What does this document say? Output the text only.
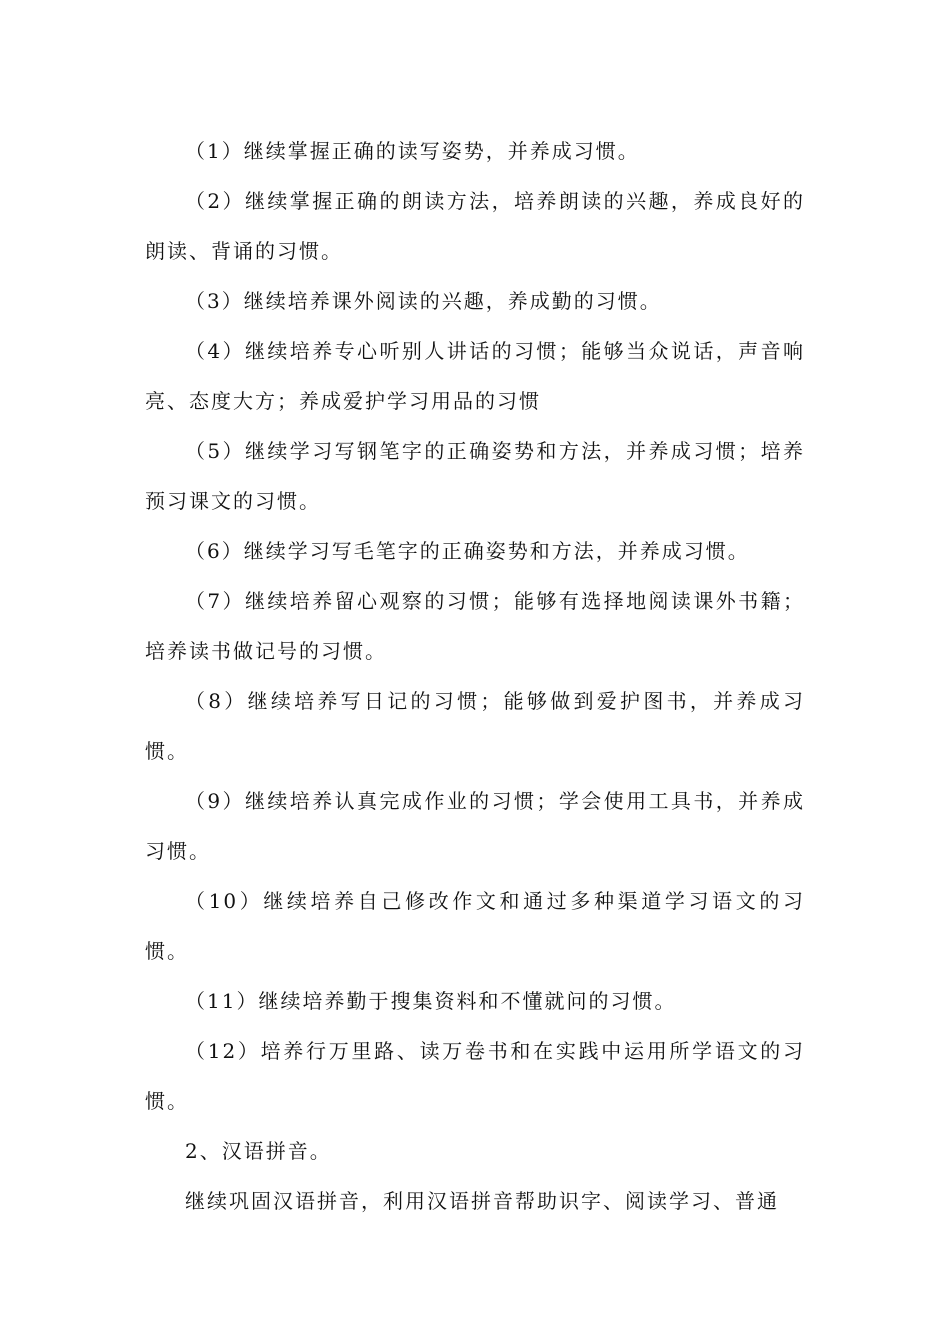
（1）继续掌握正确的读写姿势，并养成习惯。

（2）继续掌握正确的朗读方法，培养朗读的兴趣，养成良好的朗读、背诵的习惯。

（3）继续培养课外阅读的兴趣，养成勤的习惯。

（4）继续培养专心听别人讲话的习惯；能够当众说话，声音响亮、态度大方；养成爱护学习用品的习惯

（5）继续学习写钢笔字的正确姿势和方法，并养成习惯；培养预习课文的习惯。

（6）继续学习写毛笔字的正确姿势和方法，并养成习惯。

（7）继续培养留心观察的习惯；能够有选择地阅读课外书籍；培养读书做记号的习惯。

（8）继续培养写日记的习惯；能够做到爱护图书，并养成习惯。

（9）继续培养认真完成作业的习惯；学会使用工具书，并养成习惯。

（10）继续培养自己修改作文和通过多种渠道学习语文的习惯。

（11）继续培养勤于搜集资料和不懂就问的习惯。

（12）培养行万里路、读万卷书和在实践中运用所学语文的习惯。

2、汉语拼音。

继续巩固汉语拼音，利用汉语拼音帮助识字、阅读学习、普通
